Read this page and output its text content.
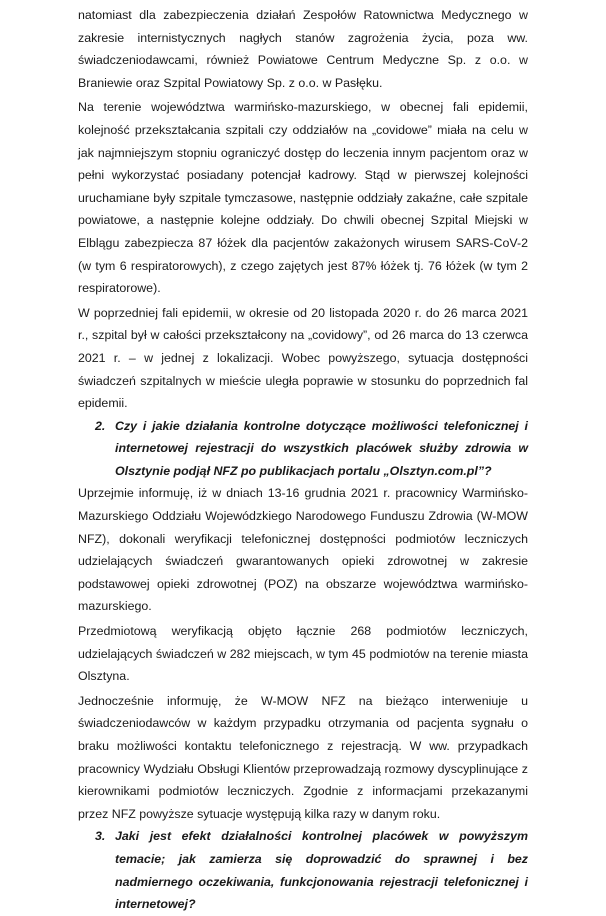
natomiast dla zabezpieczenia działań Zespołów Ratownictwa Medycznego w zakresie internistycznych nagłych stanów zagrożenia życia, poza ww. świadczeniodawcami, również Powiatowe Centrum Medyczne Sp. z o.o. w Braniewie oraz Szpital Powiatowy Sp. z o.o. w Pasłęku.

Na terenie województwa warmińsko-mazurskiego, w obecnej fali epidemii, kolejność przekształcania szpitali czy oddziałów na „covidowe” miała na celu w jak najmniejszym stopniu ograniczyć dostęp do leczenia innym pacjentom oraz w pełni wykorzystać posiadany potencjał kadrowy. Stąd w pierwszej kolejności uruchamiane były szpitale tymczasowe, następnie oddziały zakaźne, całe szpitale powiatowe, a następnie kolejne oddziały. Do chwili obecnej Szpital Miejski w Elblągu zabezpiecza 87 łóżek dla pacjentów zakażonych wirusem SARS-CoV-2 (w tym 6 respiratorowych), z czego zajętych jest 87% łóżek tj. 76 łóżek (w tym 2 respiratorowe).

W poprzedniej fali epidemii, w okresie od 20 listopada 2020 r. do 26 marca 2021 r., szpital był w całości przekształcony na „covidowy”, od 26 marca do 13 czerwca 2021 r. – w jednej z lokalizacji. Wobec powyższego, sytuacja dostępności świadczeń szpitalnych w mieście uległa poprawie w stosunku do poprzednich fal epidemii.

2. Czy i jakie działania kontrolne dotyczące możliwości telefonicznej i internetowej rejestracji do wszystkich placówek służby zdrowia w Olsztynie podjął NFZ po publikacjach portalu „Olsztyn.com.pl”?

Uprzejmie informuję, iż w dniach 13-16 grudnia 2021 r. pracownicy Warmińsko-Mazurskiego Oddziału Wojewódzkiego Narodowego Funduszu Zdrowia (W-MOW NFZ), dokonali weryfikacji telefonicznej dostępności podmiotów leczniczych udzielających świadczeń gwarantowanych opieki zdrowotnej w zakresie podstawowej opieki zdrowotnej (POZ) na obszarze województwa warmińsko-mazurskiego.

Przedmiotową weryfikacją objęto łącznie 268 podmiotów leczniczych, udzielających świadczeń w 282 miejscach, w tym 45 podmiotów na terenie miasta Olsztyna.

Jednocześnie informuję, że W-MOW NFZ na bieżąco interweniuje u świadczeniodawców w każdym przypadku otrzymania od pacjenta sygnału o braku możliwości kontaktu telefonicznego z rejestracją. W ww. przypadkach pracownicy Wydziału Obsługi Klientów przeprowadzają rozmowy dyscyplinujące z kierownikami podmiotów leczniczych. Zgodnie z informacjami przekazanymi przez NFZ powyższe sytuacje występują kilka razy w danym roku.

3. Jaki jest efekt działalności kontrolnej placówek w powyższym temacie; jak zamierza się doprowadzić do sprawnej i bez nadmiernego oczekiwania, funkcjonowania rejestracji telefonicznej i internetowej?
